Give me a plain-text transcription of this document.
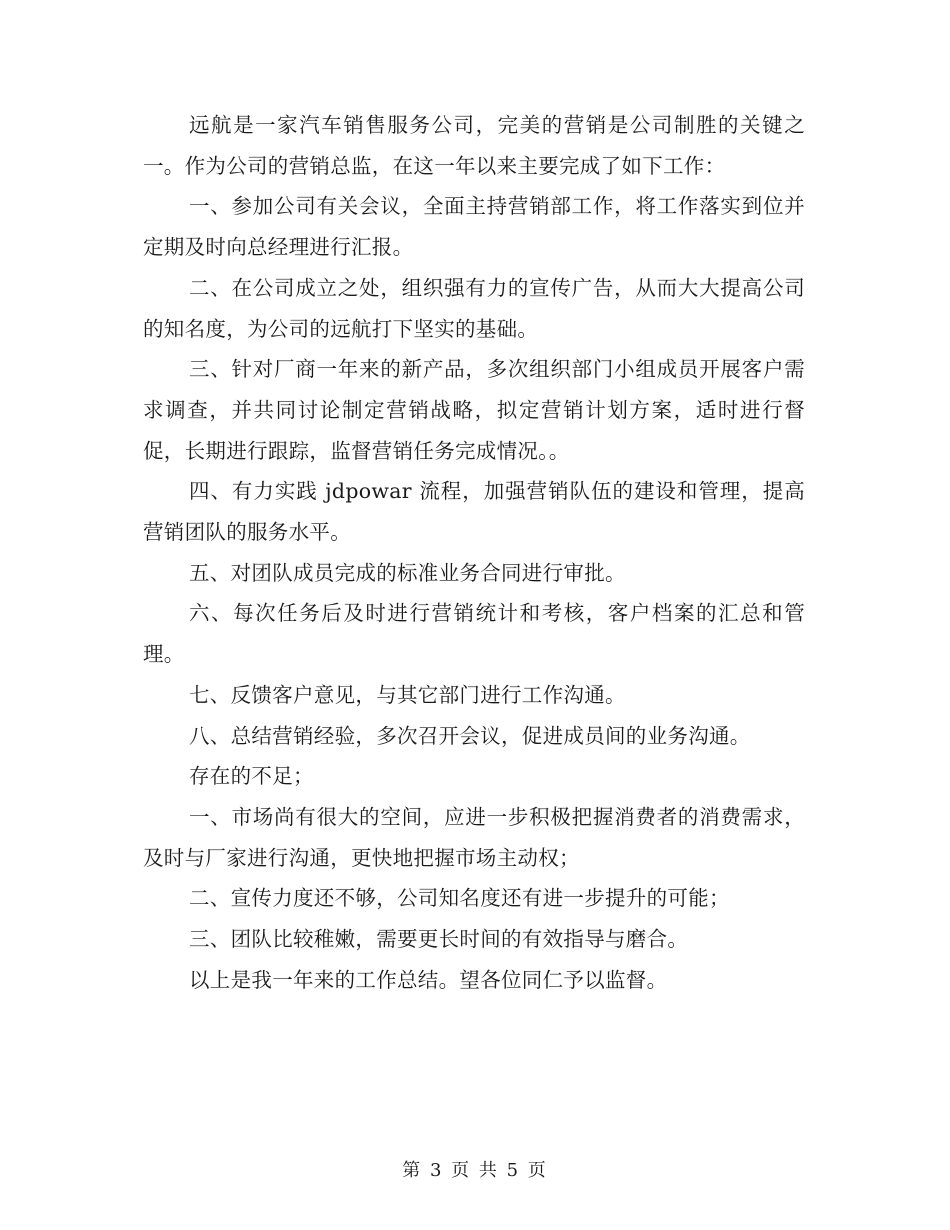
远航是一家汽车销售服务公司，完美的营销是公司制胜的关键之一。作为公司的营销总监，在这一年以来主要完成了如下工作：

一、参加公司有关会议，全面主持营销部工作，将工作落实到位并定期及时向总经理进行汇报。

二、在公司成立之处，组织强有力的宣传广告，从而大大提高公司的知名度，为公司的远航打下坚实的基础。

三、针对厂商一年来的新产品，多次组织部门小组成员开展客户需求调查，并共同讨论制定营销战略，拟定营销计划方案，适时进行督促，长期进行跟踪，监督营销任务完成情况。。

四、有力实践 jdpowar 流程，加强营销队伍的建设和管理，提高营销团队的服务水平。

五、对团队成员完成的标准业务合同进行审批。

六、每次任务后及时进行营销统计和考核，客户档案的汇总和管理。

七、反馈客户意见，与其它部门进行工作沟通。

八、总结营销经验，多次召开会议，促进成员间的业务沟通。

存在的不足；

一、市场尚有很大的空间，应进一步积极把握消费者的消费需求，及时与厂家进行沟通，更快地把握市场主动权；

二、宣传力度还不够，公司知名度还有进一步提升的可能；

三、团队比较稚嫩，需要更长时间的有效指导与磨合。

以上是我一年来的工作总结。望各位同仁予以监督。

第 3 页 共 5 页
